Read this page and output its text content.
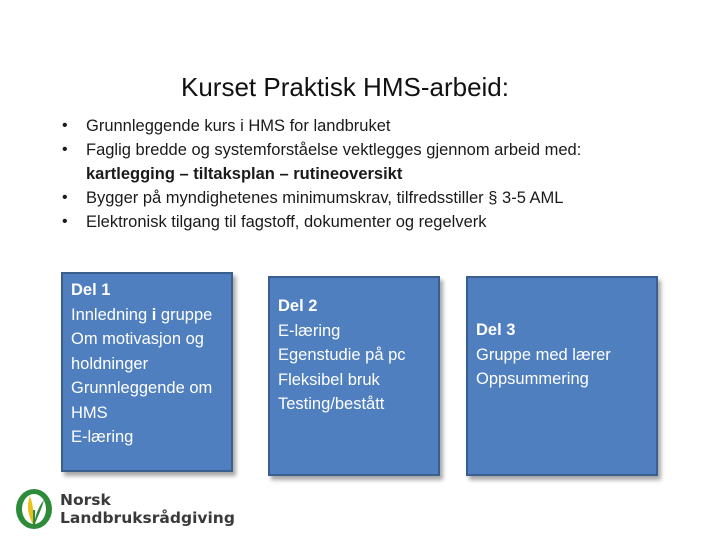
Kurset Praktisk HMS-arbeid:
• Grunnleggende kurs i HMS for landbruket
• Faglig bredde og systemforståelse vektlegges gjennom arbeid med:
kartlegging – tiltaksplan – rutineoversikt
• Bygger på myndighetenes minimumskrav, tilfredsstiller § 3-5 AML
• Elektronisk tilgang til fagstoff, dokumenter og regelverk
Del 1
Innledning i gruppe
Om motivasjon og
holdninger
Grunnleggende om
HMS
E-læring
Del 2
E-læring
Egenstudie på pc
Fleksibel bruk
Testing/bestått
Del 3
Gruppe med lærer
Oppsummering
Norsk
Landbruksrådgiving
